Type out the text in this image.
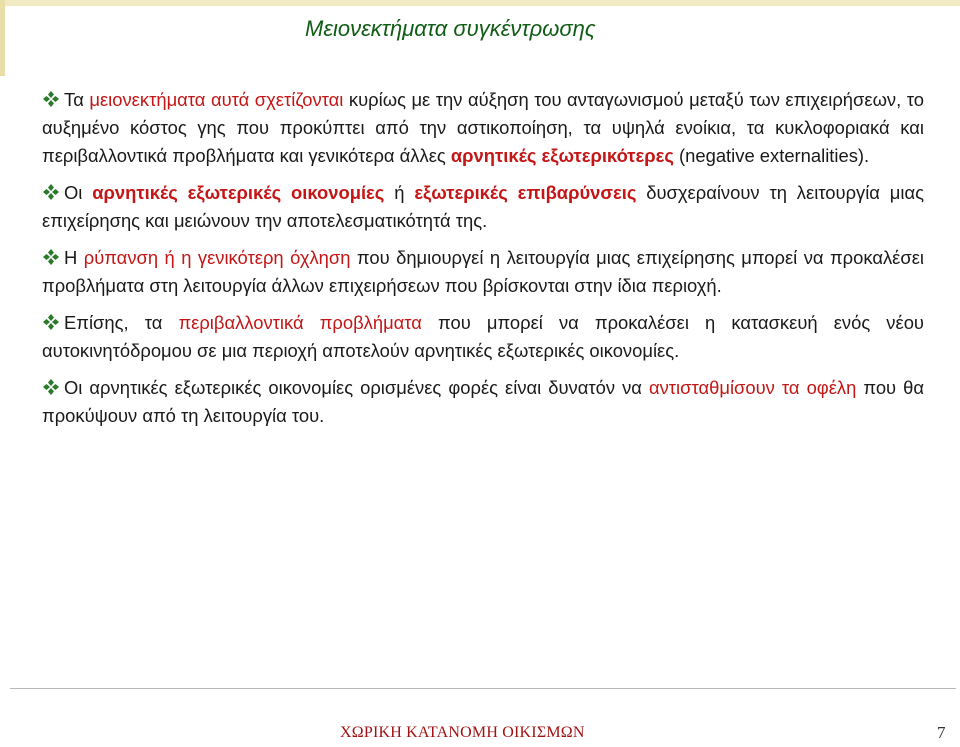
Μειονεκτήματα συγκέντρωσης

Τα μειονεκτήματα αυτά σχετίζονται κυρίως με την αύξηση του ανταγωνισμού μεταξύ των επιχειρήσεων, το αυξημένο κόστος γης που προκύπτει από την αστικοποίηση, τα υψηλά ενοίκια, τα κυκλοφοριακά και περιβαλλοντικά προβλήματα και γενικότερα άλλες αρνητικές εξωτερικότερες (negative externalities).

Οι αρνητικές εξωτερικές οικονομίες ή εξωτερικές επιβαρύνσεις δυσχεραίνουν τη λειτουργία μιας επιχείρησης και μειώνουν την αποτελεσματικότητά της.

Η ρύπανση ή η γενικότερη όχληση που δημιουργεί η λειτουργία μιας επιχείρησης μπορεί να προκαλέσει προβλήματα στη λειτουργία άλλων επιχειρήσεων που βρίσκονται στην ίδια περιοχή.

Επίσης, τα περιβαλλοντικά προβλήματα που μπορεί να προκαλέσει η κατασκευή ενός νέου αυτοκινητόδρομου σε μια περιοχή αποτελούν αρνητικές εξωτερικές οικονομίες.

Οι αρνητικές εξωτερικές οικονομίες ορισμένες φορές είναι δυνατόν να αντισταθμίσουν τα οφέλη που θα προκύψουν από τη λειτουργία του.

ΧΩΡΙΚΗ ΚΑΤΑΝΟΜΗ ΟΙΚΙΣΜΩΝ	7
